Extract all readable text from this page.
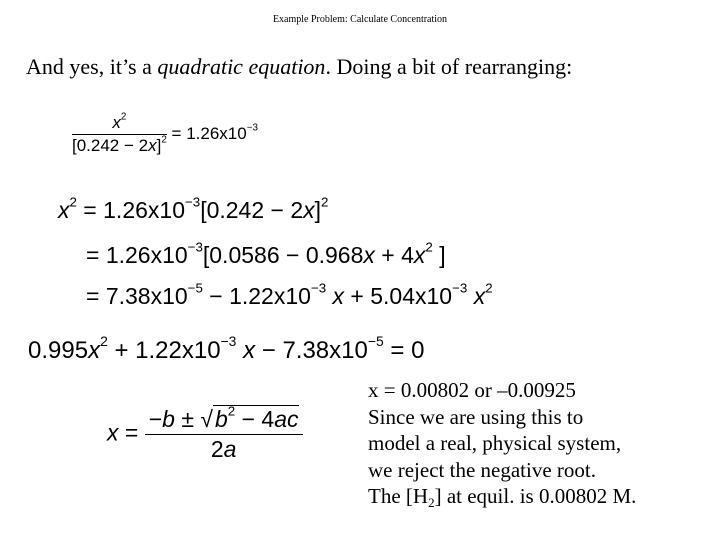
Example Problem: Calculate Concentration
And yes, it’s a quadratic equation. Doing a bit of rearranging:
$\frac{x^2}{[0.242 - 2x]^2} = 1.26x10^{-3}$
$x^2 = 1.26x10^{-3}[0.242 - 2x]^2$
= $1.26x10^{-3}[0.0586 - 0.968x + 4x^2$ ]
= $7.38x10^{-5} - 1.22x10^{-3}$ $x + 5.04x10^{-3}$ $x^2$
$0.995x^2 + 1.22x10^{-3}$ $x - 7.38x10^{-5} = 0$
$x = \frac{-b \pm √b^2 - 4ac}{2a}$
x = 0.00802 or –0.00925
Since we are using this to
model a real, physical system,
we reject the negative root.
The $[H_2]$ at equil. is 0.00802 M.
